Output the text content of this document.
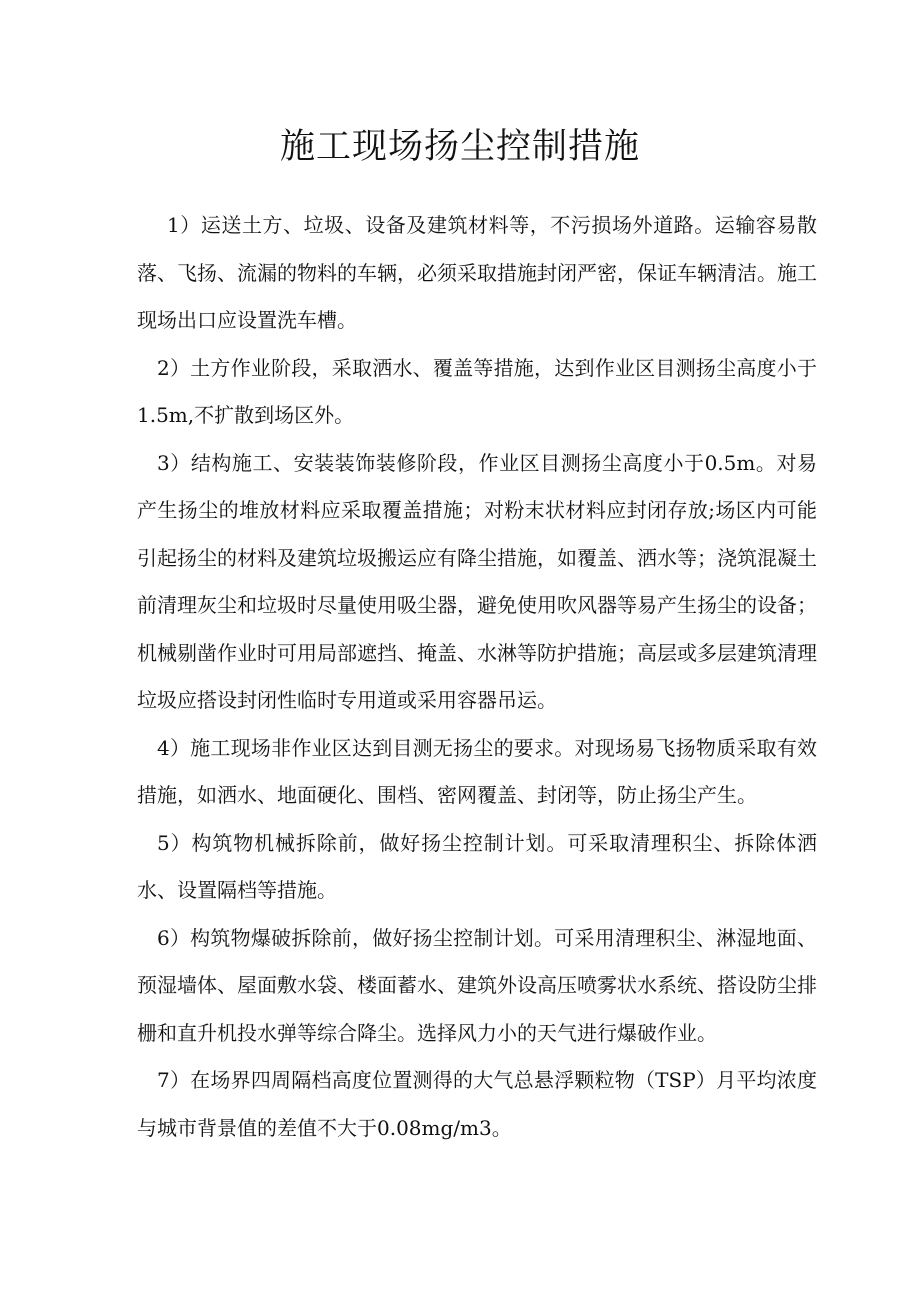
施工现场扬尘控制措施

1）运送土方、垃圾、设备及建筑材料等，不污损场外道路。运输容易散落、飞扬、流漏的物料的车辆，必须采取措施封闭严密，保证车辆清洁。施工现场出口应设置洗车槽。

2）土方作业阶段，采取洒水、覆盖等措施，达到作业区目测扬尘高度小于1.5m,不扩散到场区外。

3）结构施工、安装装饰装修阶段，作业区目测扬尘高度小于0.5m。对易产生扬尘的堆放材料应采取覆盖措施；对粉末状材料应封闭存放;场区内可能引起扬尘的材料及建筑垃圾搬运应有降尘措施，如覆盖、洒水等；浇筑混凝土前清理灰尘和垃圾时尽量使用吸尘器，避免使用吹风器等易产生扬尘的设备；机械剔凿作业时可用局部遮挡、掩盖、水淋等防护措施；高层或多层建筑清理垃圾应搭设封闭性临时专用道或采用容器吊运。

4）施工现场非作业区达到目测无扬尘的要求。对现场易飞扬物质采取有效措施，如洒水、地面硬化、围档、密网覆盖、封闭等，防止扬尘产生。

5）构筑物机械拆除前，做好扬尘控制计划。可采取清理积尘、拆除体洒水、设置隔档等措施。

6）构筑物爆破拆除前，做好扬尘控制计划。可采用清理积尘、淋湿地面、预湿墙体、屋面敷水袋、楼面蓄水、建筑外设高压喷雾状水系统、搭设防尘排栅和直升机投水弹等综合降尘。选择风力小的天气进行爆破作业。

7）在场界四周隔档高度位置测得的大气总悬浮颗粒物（TSP）月平均浓度与城市背景值的差值不大于0.08mg/m3。
